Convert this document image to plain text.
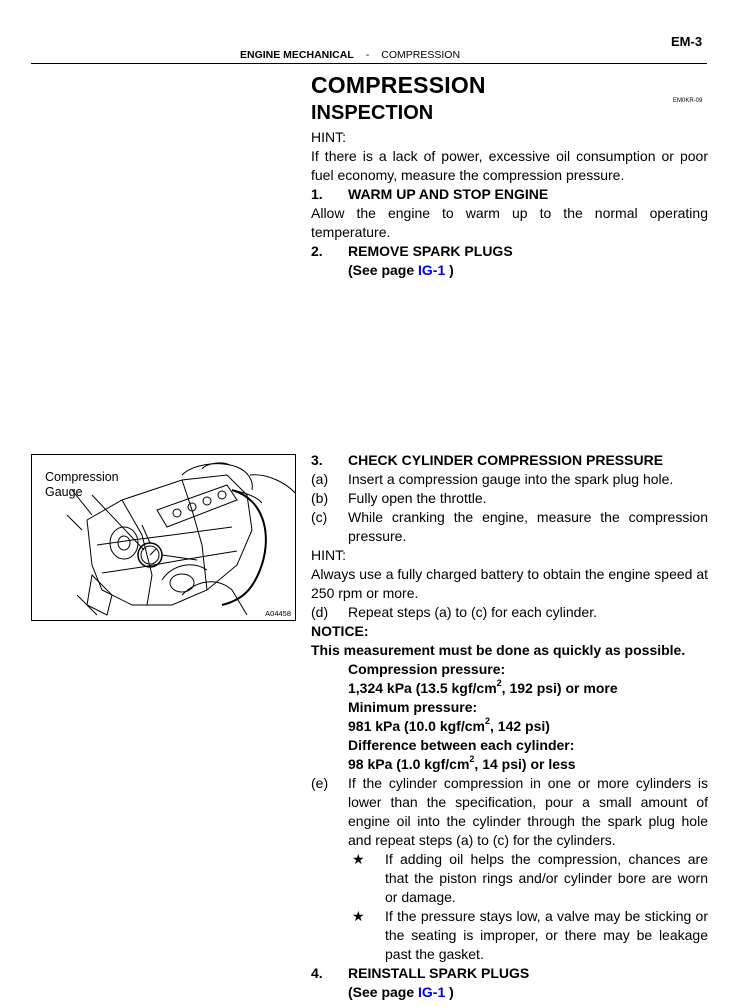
EM-3
ENGINE MECHANICAL - COMPRESSION
COMPRESSION
INSPECTION
EM0KR-09

HINT:

If there is a lack of power, excessive oil consumption or poor fuel economy, measure the compression pressure.

1.	WARM UP AND STOP ENGINE

Allow the engine to warm up to the normal operating temperature.

2.	REMOVE SPARK PLUGS

(See page IG-1 )

Compression
Gauge
A04458
3.	CHECK CYLINDER COMPRESSION PRESSURE
(a)	Insert a compression gauge into the spark plug hole.
(b)	Fully open the throttle.
(c)	While cranking the engine, measure the compression pressure.

HINT:

Always use a fully charged battery to obtain the engine speed at 250 rpm or more.

(d)	Repeat steps (a) to (c) for each cylinder.

NOTICE:

This measurement must be done as quickly as possible.

Compression pressure:

1,324 kPa (13.5 kgf/$cm^2$, 192 psi) or more

Minimum pressure:

981 kPa (10.0 kgf/$cm^2$, 142 psi)

Difference between each cylinder:

98 kPa (1.0 kgf/$cm^2$, 14 psi) or less

(e)	If the cylinder compression in one or more cylinders is lower than the specification, pour a small amount of engine oil into the cylinder through the spark plug hole and repeat steps (a) to (c) for the cylinders.
★	If adding oil helps the compression, chances are that the piston rings and/or cylinder bore are worn or damage.
★	If the pressure stays low, a valve may be sticking or the seating is improper, or there may be leakage past the gasket.
4.	REINSTALL SPARK PLUGS

(See page IG-1 )
